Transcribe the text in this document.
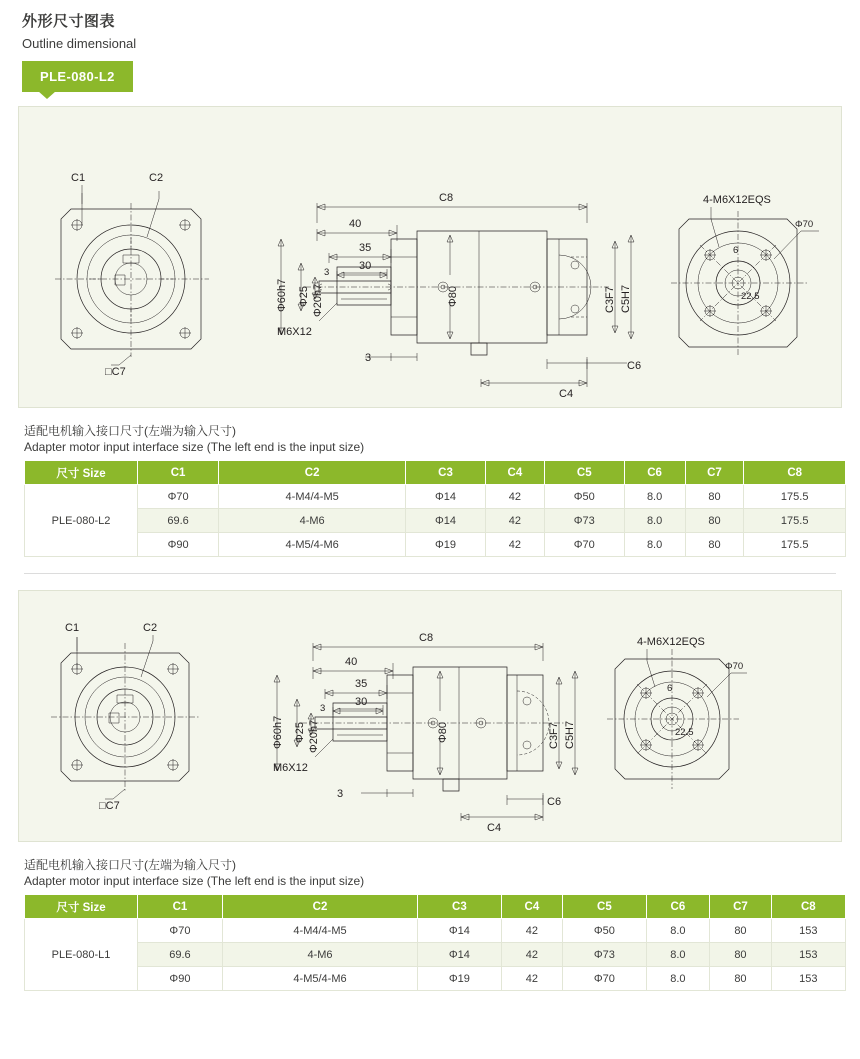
外形尺寸图表
Outline dimensional
PLE-080-L2
C1	C2
□C7
C8
40
35
30
3
Φ60h7 Φ25 Φ20h7
M6X12
Φ80	C3F7 C5H7
3
C6
C4
4-M6X12EQS
Φ70
6
22.5
适配电机输入接口尺寸(左端为输入尺寸)
Adapter motor input interface size (The left end is the input size)
尺寸 Size	C1	C2	C3	C4	C5	C6	C7	C8
PLE-080-L2	Φ70	4-M4/4-M5	Φ14	42	Φ50	8.0	80	175.5
	69.6	4-M6	Φ14	42	Φ73	8.0	80	175.5
	Φ90	4-M5/4-M6	Φ19	42	Φ70	8.0	80	175.5
C1	C2
□C7
C8
40
35
30
3
Φ60h7 Φ25 Φ20h7
M6X12
Φ80	C3F7 C5H7
3
C6
C4
4-M6X12EQS
Φ70
6
22.5
适配电机输入接口尺寸(左端为输入尺寸)
Adapter motor input interface size (The left end is the input size)
尺寸 Size	C1	C2	C3	C4	C5	C6	C7	C8
PLE-080-L1	Φ70	4-M4/4-M5	Φ14	42	Φ50	8.0	80	153
	69.6	4-M6	Φ14	42	Φ73	8.0	80	153
	Φ90	4-M5/4-M6	Φ19	42	Φ70	8.0	80	153
